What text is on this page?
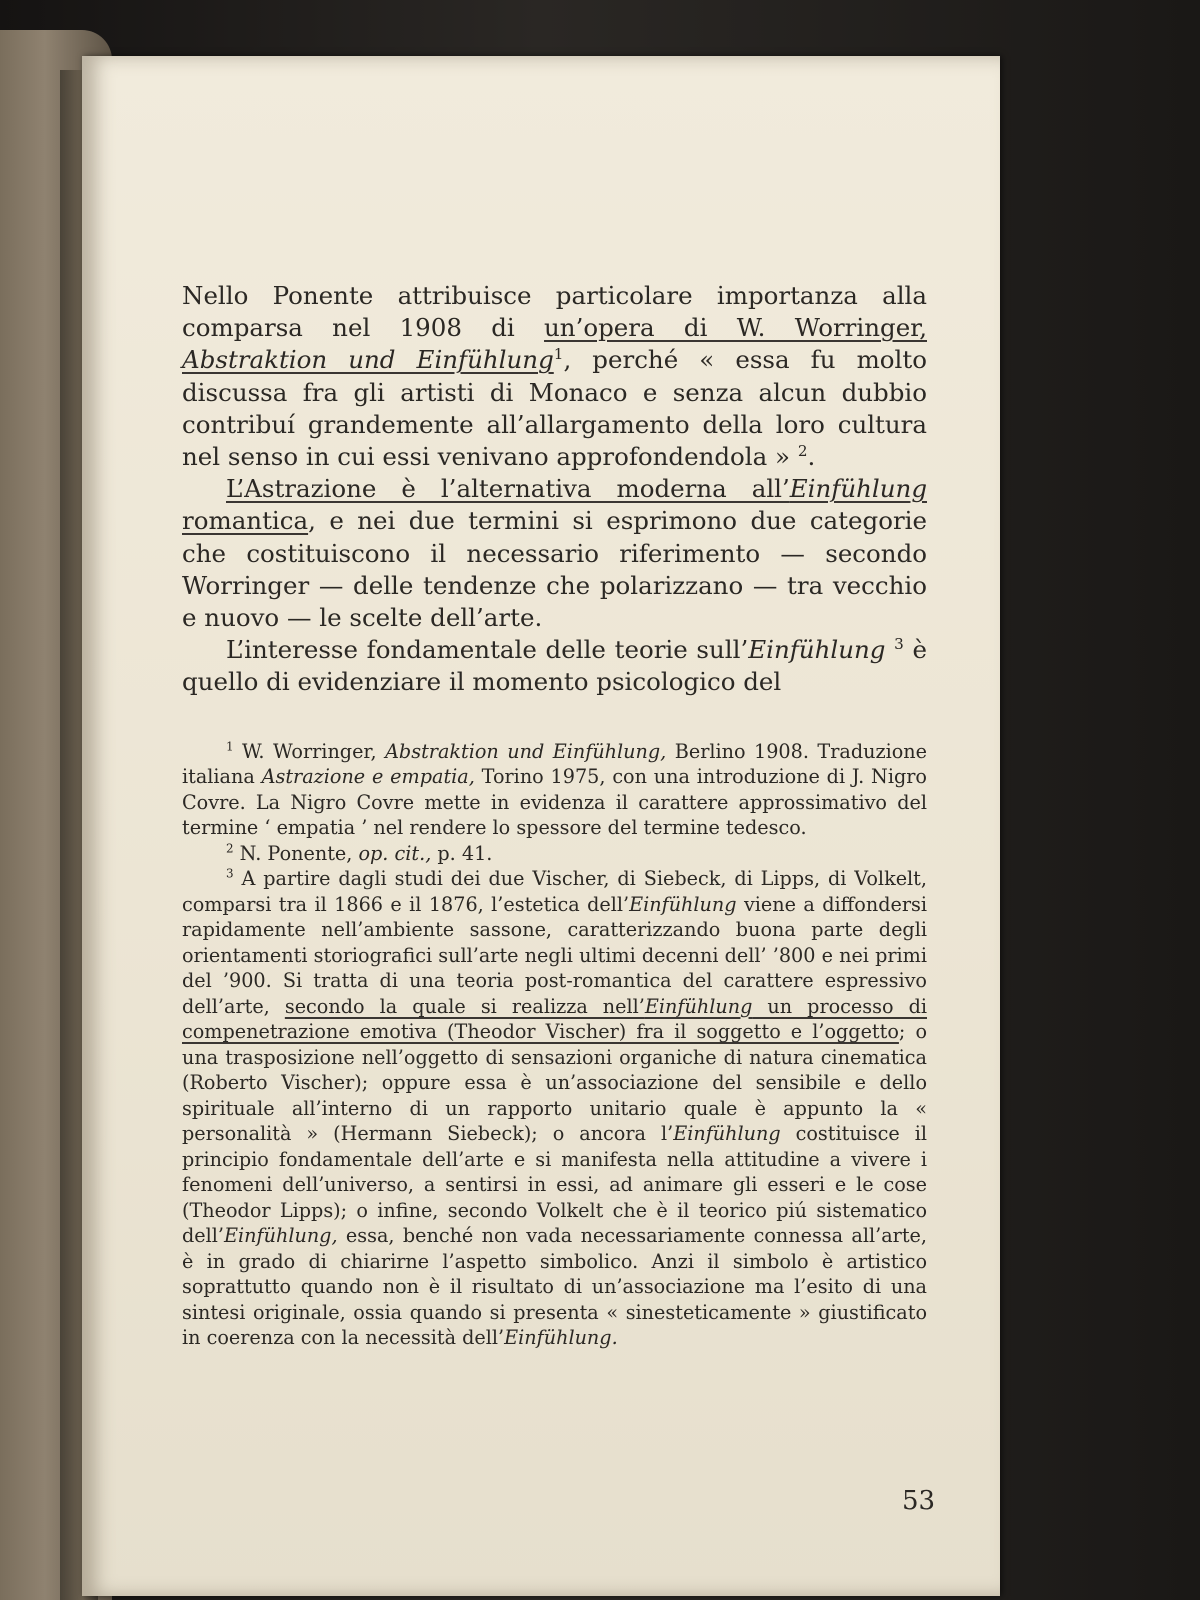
Nello Ponente attribuisce particolare importanza alla comparsa nel 1908 di un’opera di W. Worringer, Abstraktion und Einfühlung$^1$, perché « essa fu molto discussa fra gli artisti di Monaco e senza alcun dubbio contribuí grandemente all’allargamento della loro cultura nel senso in cui essi venivano approfondendola » $^2$.

L’Astrazione è l’alternativa moderna all’Einfühlung romantica, e nei due termini si esprimono due categorie che costituiscono il necessario riferimento — secondo Worringer — delle tendenze che polarizzano — tra vecchio e nuovo — le scelte dell’arte.

L’interesse fondamentale delle teorie sull’Einfühlung $^3$ è quello di evidenziare il momento psicologico del

$^1$ W. Worringer, Abstraktion und Einfühlung, Berlino 1908. Traduzione italiana Astrazione e empatia, Torino 1975, con una introduzione di J. Nigro Covre. La Nigro Covre mette in evidenza il carattere approssimativo del termine ‘ empatia ’ nel rendere lo spessore del termine tedesco.

$^2$ N. Ponente, op. cit., p. 41.

$^3$ A partire dagli studi dei due Vischer, di Siebeck, di Lipps, di Volkelt, comparsi tra il 1866 e il 1876, l’estetica dell’Einfühlung viene a diffondersi rapidamente nell’ambiente sassone, caratterizzando buona parte degli orientamenti storiografici sull’arte negli ultimi decenni dell’ ’800 e nei primi del ’900. Si tratta di una teoria post-romantica del carattere espressivo dell’arte, secondo la quale si realizza nell’Einfühlung un processo di compenetrazione emotiva (Theodor Vischer) fra il soggetto e l’oggetto; o una trasposizione nell’oggetto di sensazioni organiche di natura cinematica (Roberto Vischer); oppure essa è un’associazione del sensibile e dello spirituale all’interno di un rapporto unitario quale è appunto la « personalità » (Hermann Siebeck); o ancora l’Einfühlung costituisce il principio fondamentale dell’arte e si manifesta nella attitudine a vivere i fenomeni dell’universo, a sentirsi in essi, ad animare gli esseri e le cose (Theodor Lipps); o infine, secondo Volkelt che è il teorico piú sistematico dell’Einfühlung, essa, benché non vada necessariamente connessa all’arte, è in grado di chiarirne l’aspetto simbolico. Anzi il simbolo è artistico soprattutto quando non è il risultato di un’associazione ma l’esito di una sintesi originale, ossia quando si presenta « sinesteticamente » giustificato in coerenza con la necessità dell’Einfühlung.

53
